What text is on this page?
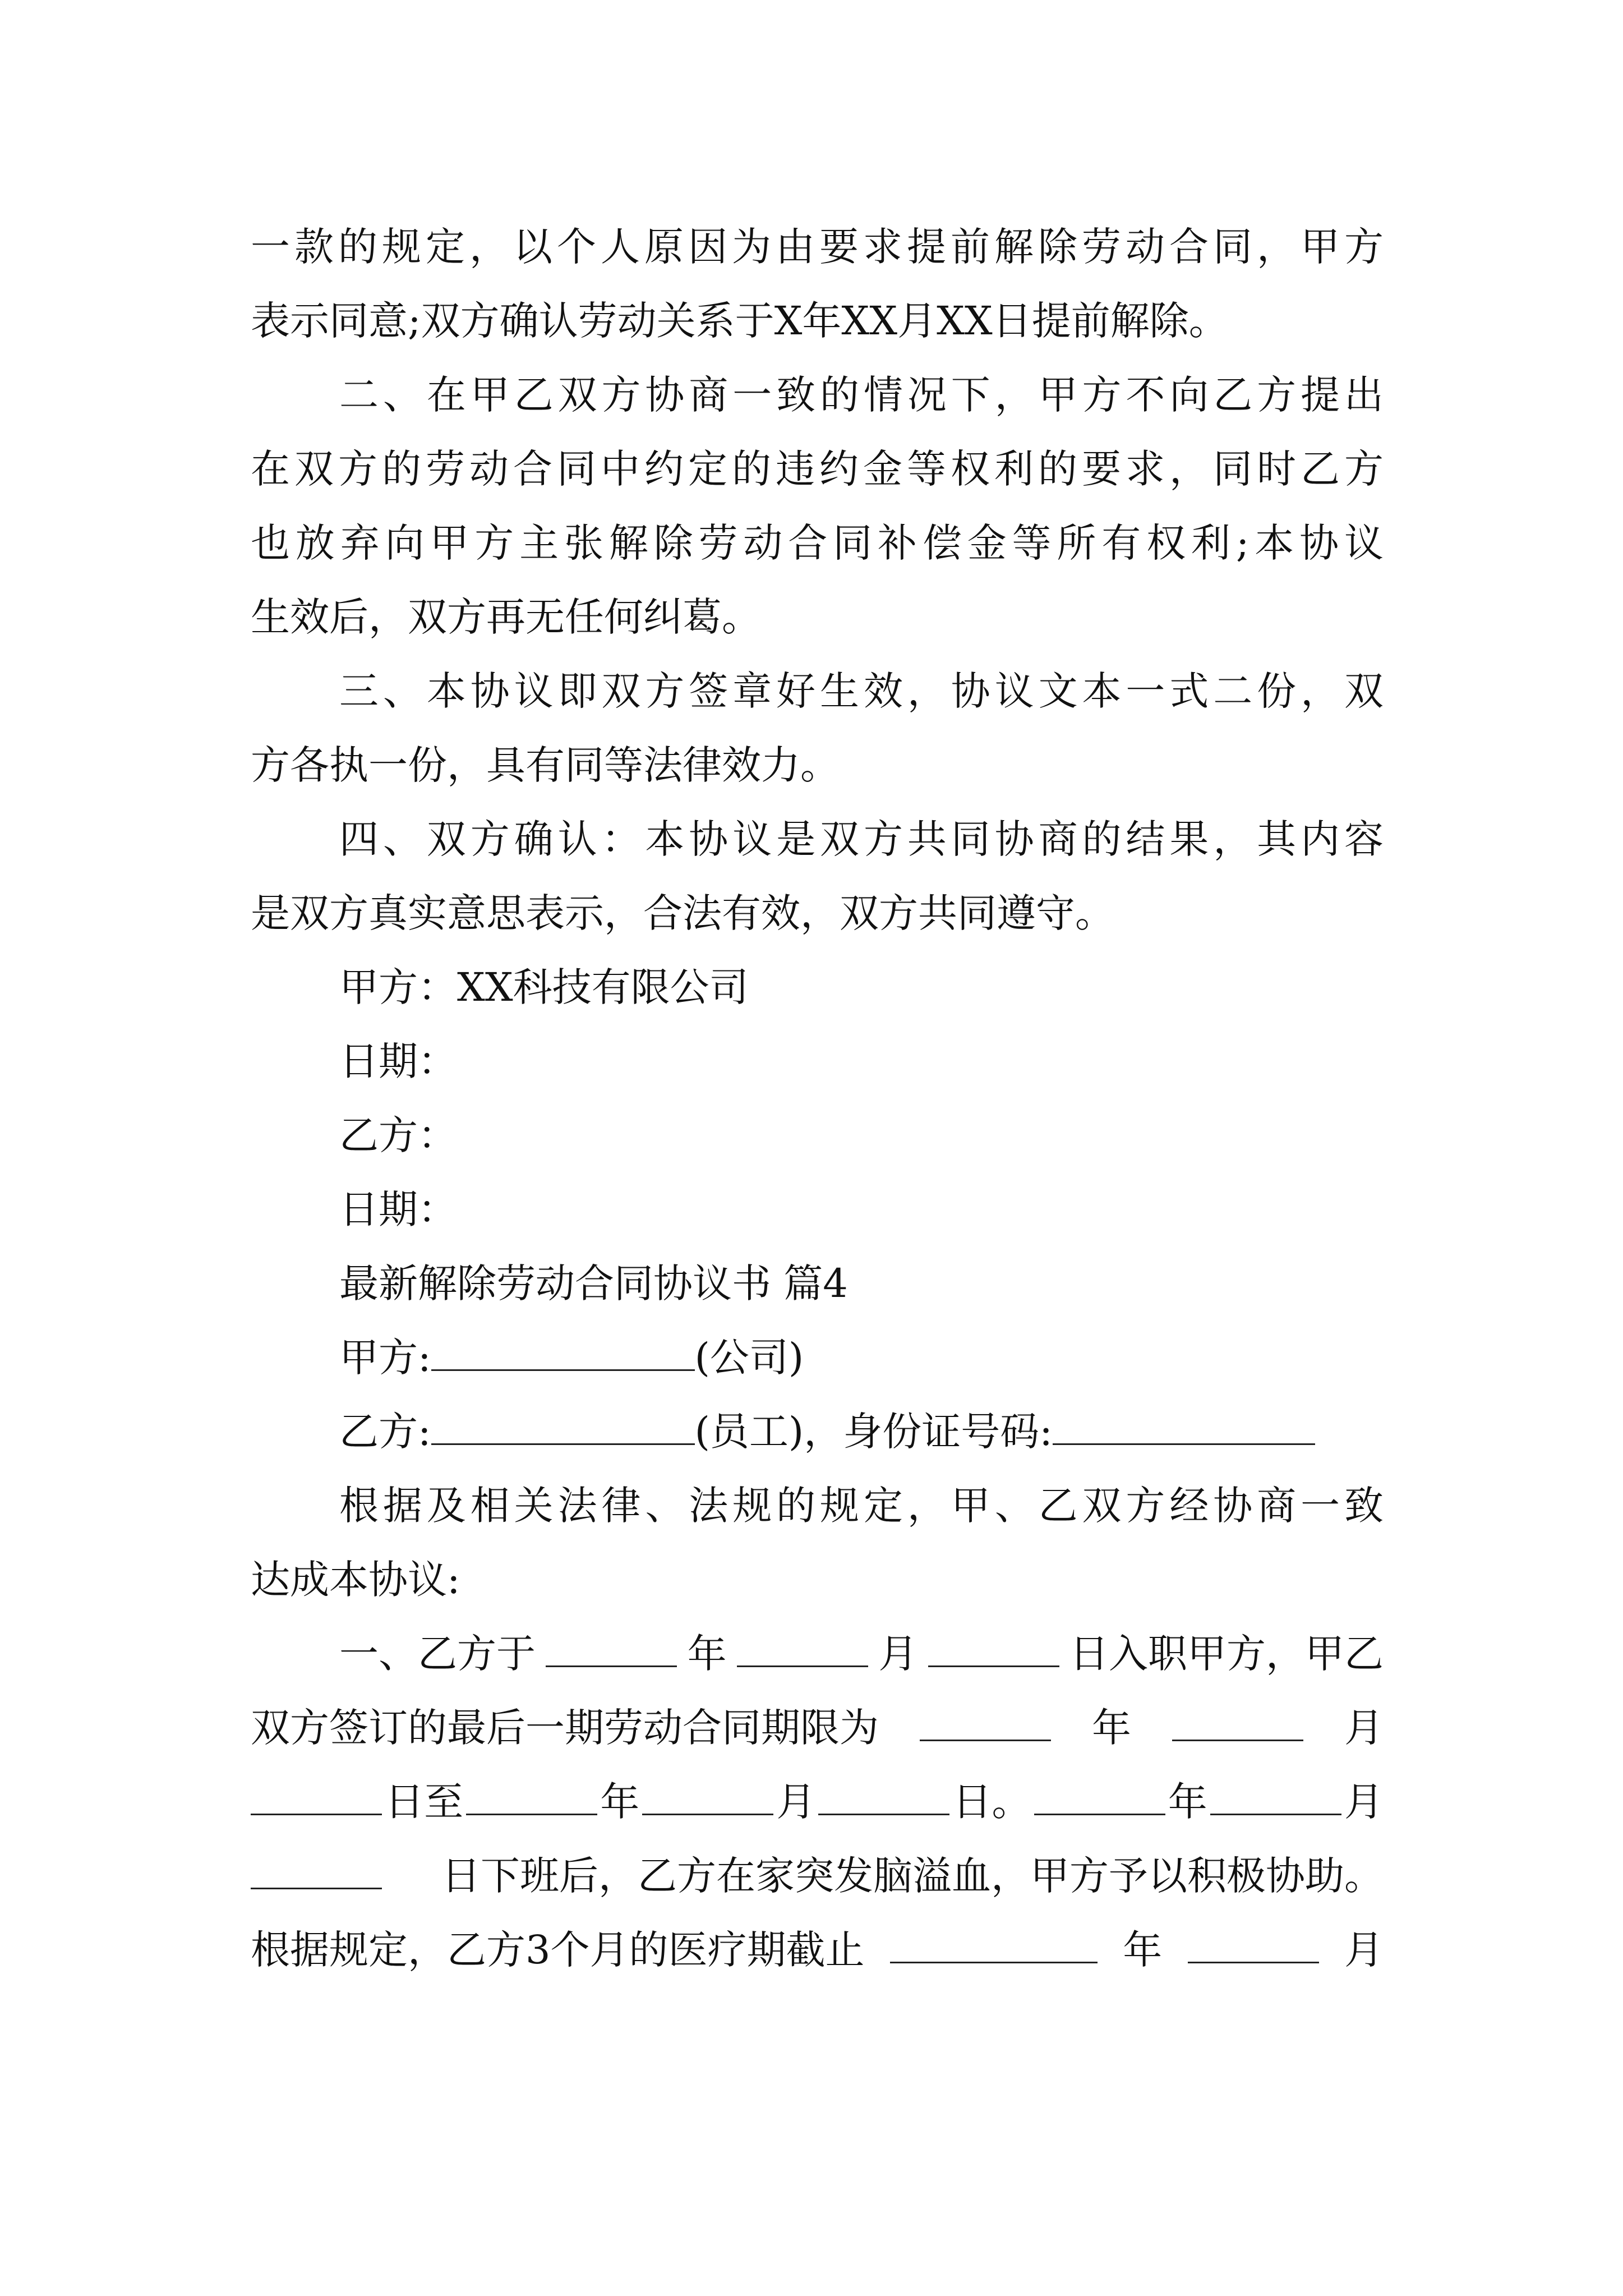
一款的规定，以个人原因为由要求提前解除劳动合同，甲方
表示同意;双方确认劳动关系于X年XX月XX日提前解除。
二、在甲乙双方协商一致的情况下，甲方不向乙方提出
在双方的劳动合同中约定的违约金等权利的要求，同时乙方
也放弃向甲方主张解除劳动合同补偿金等所有权利;本协议
生效后，双方再无任何纠葛。
三、本协议即双方签章好生效，协议文本一式二份，双
方各执一份，具有同等法律效力。
四、双方确认：本协议是双方共同协商的结果，其内容
是双方真实意思表示，合法有效，双方共同遵守。
甲方：XX科技有限公司
日期：
乙方：
日期：
最新解除劳动合同协议书 篇4
甲方:	(公司)
乙方:	(员工)，身份证号码:
根据及相关法律、法规的规定，甲、乙双方经协商一致
达成本协议:
一、乙方于	年	月	日入职甲方，甲乙
双方签订的最后一期劳动合同期限为	年	月
日至	年	月	日。	年	月
日下班后，乙方在家突发脑溢血，甲方予以积极协助。
根据规定，乙方3个月的医疗期截止	年	月
